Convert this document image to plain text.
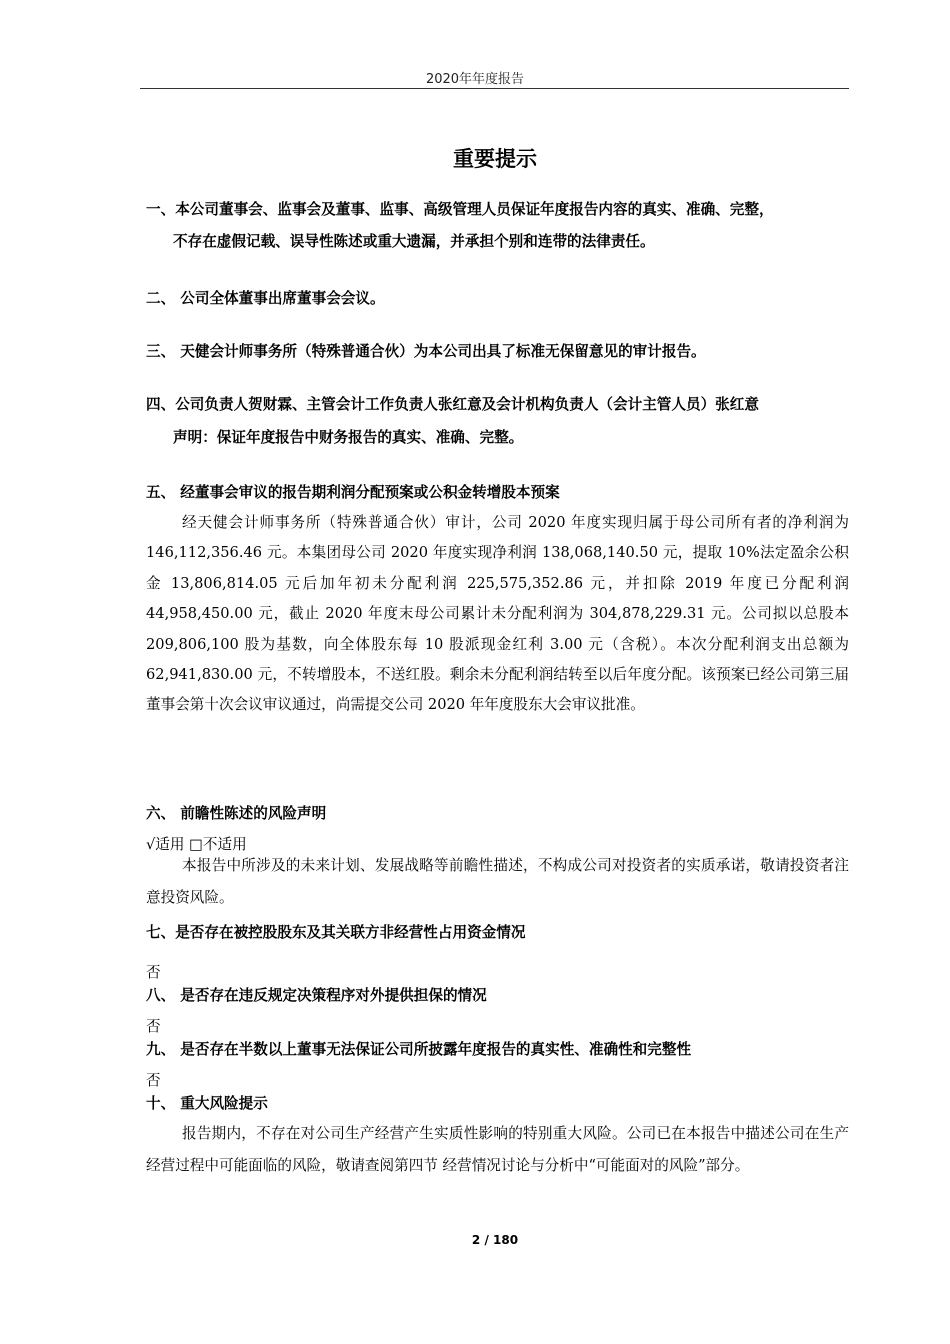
2020年年度报告
重要提示
一、本公司董事会、监事会及董事、监事、高级管理人员保证年度报告内容的真实、准确、完整，
不存在虚假记载、误导性陈述或重大遗漏，并承担个别和连带的法律责任。
二、 公司全体董事出席董事会会议。
三、 天健会计师事务所（特殊普通合伙）为本公司出具了标准无保留意见的审计报告。
四、公司负责人贺财霖、主管会计工作负责人张红意及会计机构负责人（会计主管人员）张红意
声明：保证年度报告中财务报告的真实、准确、完整。
五、 经董事会审议的报告期利润分配预案或公积金转增股本预案
经天健会计师事务所（特殊普通合伙）审计，公司 2020 年度实现归属于母公司所有者的净利润为 146,112,356.46 元。本集团母公司 2020 年度实现净利润 138,068,140.50 元，提取 10%法定盈余公积金 13,806,814.05 元后加年初未分配利润 225,575,352.86 元，并扣除 2019 年度已分配利润 44,958,450.00 元，截止 2020 年度末母公司累计未分配利润为 304,878,229.31 元。公司拟以总股本 209,806,100 股为基数，向全体股东每 10 股派现金红利 3.00 元（含税）。本次分配利润支出总额为 62,941,830.00 元，不转增股本，不送红股。剩余未分配利润结转至以后年度分配。该预案已经公司第三届董事会第十次会议审议通过，尚需提交公司 2020 年年度股东大会审议批准。
六、 前瞻性陈述的风险声明
√适用 □不适用
本报告中所涉及的未来计划、发展战略等前瞻性描述，不构成公司对投资者的实质承诺，敬请投资者注意投资风险。
七、是否存在被控股股东及其关联方非经营性占用资金情况
否
八、 是否存在违反规定决策程序对外提供担保的情况
否
九、 是否存在半数以上董事无法保证公司所披露年度报告的真实性、准确性和完整性
否
十、 重大风险提示
报告期内，不存在对公司生产经营产生实质性影响的特别重大风险。公司已在本报告中描述公司在生产经营过程中可能面临的风险，敬请查阅第四节 经营情况讨论与分析中“可能面对的风险”部分。
2 / 180
